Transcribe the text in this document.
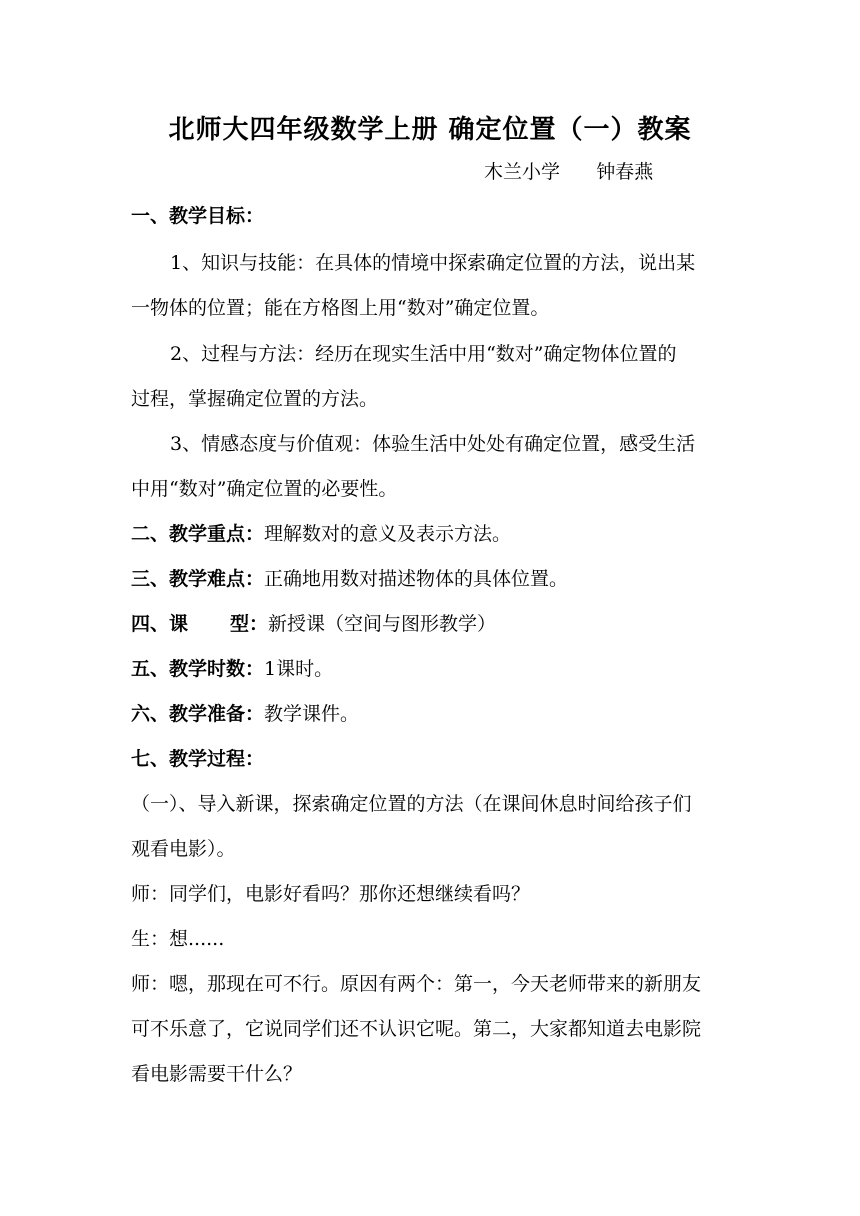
北师大四年级数学上册 确定位置（一）教案
木兰小学      钟春燕
一、教学目标：
1、知识与技能：在具体的情境中探索确定位置的方法，说出某
一物体的位置；能在方格图上用“数对”确定位置。
2、过程与方法：经历在现实生活中用“数对”确定物体位置的
过程，掌握确定位置的方法。
3、情感态度与价值观：体验生活中处处有确定位置，感受生活
中用“数对”确定位置的必要性。
二、教学重点：理解数对的意义及表示方法。
三、教学难点：正确地用数对描述物体的具体位置。
四、课 型：新授课（空间与图形教学）
五、教学时数：1课时。
六、教学准备：教学课件。
七、教学过程：
（一）、导入新课，探索确定位置的方法（在课间休息时间给孩子们
观看电影）。
师：同学们，电影好看吗？那你还想继续看吗？
生：想......
师：嗯，那现在可不行。原因有两个：第一，今天老师带来的新朋友
可不乐意了，它说同学们还不认识它呢。第二，大家都知道去电影院
看电影需要干什么？
